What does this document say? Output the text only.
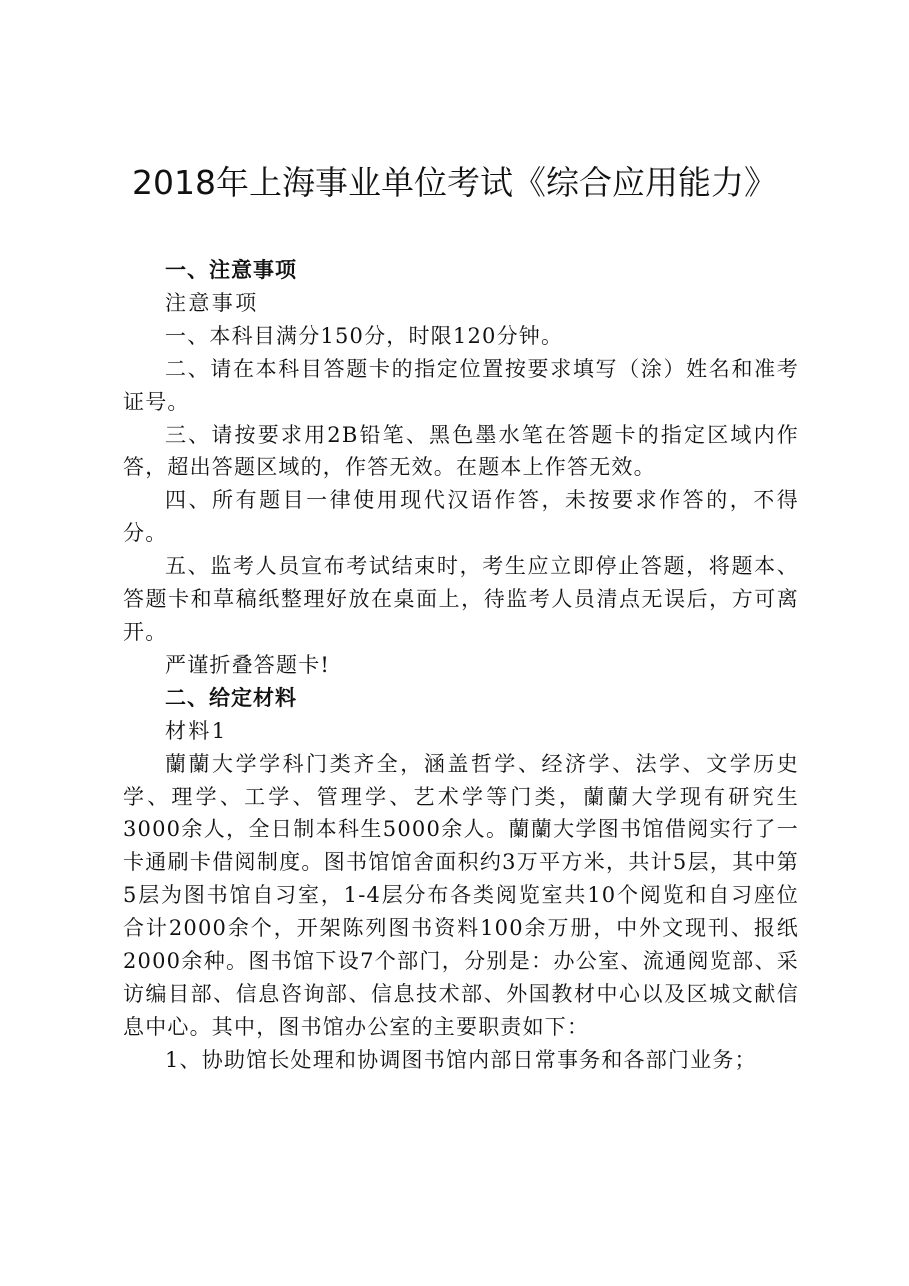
2018年上海事业单位考试《综合应用能力》

一、注意事项

注意事项

一、本科目满分150分，时限120分钟。

二、请在本科目答题卡的指定位置按要求填写（涂）姓名和准考证号。

三、请按要求用2B铅笔、黑色墨水笔在答题卡的指定区域内作答，超出答题区域的，作答无效。在题本上作答无效。

四、所有题目一律使用现代汉语作答，未按要求作答的，不得分。

五、监考人员宣布考试结束时，考生应立即停止答题，将题本、答题卡和草稿纸整理好放在桌面上，待监考人员清点无误后，方可离开。

严谨折叠答题卡!

二、给定材料

材料1

蘭蘭大学学科门类齐全，涵盖哲学、经济学、法学、文学历史学、理学、工学、管理学、艺术学等门类，蘭蘭大学现有研究生3000余人，全日制本科生5000余人。蘭蘭大学图书馆借阅实行了一卡通刷卡借阅制度。图书馆馆舍面积约3万平方米，共计5层，其中第5层为图书馆自习室，1-4层分布各类阅览室共10个阅览和自习座位合计2000余个，开架陈列图书资料100余万册，中外文现刊、报纸2000余种。图书馆下设7个部门，分别是：办公室、流通阅览部、采访编目部、信息咨询部、信息技术部、外国教材中心以及区城文献信息中心。其中，图书馆办公室的主要职责如下：

1、协助馆长处理和协调图书馆内部日常事务和各部门业务；
